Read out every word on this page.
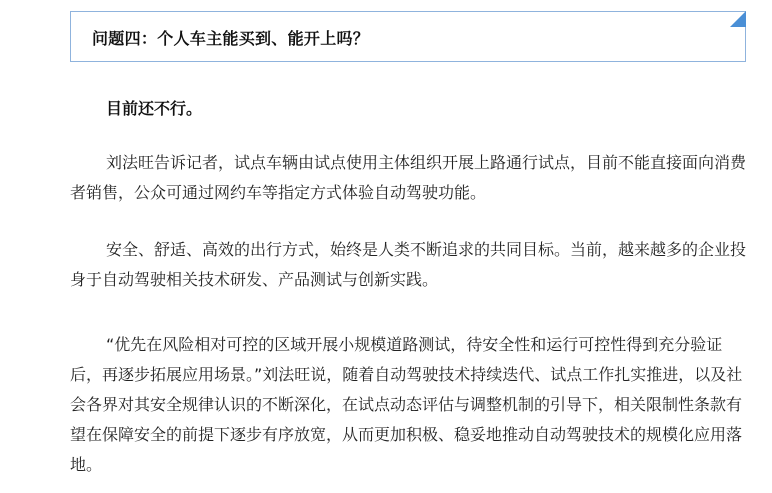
问题四：个人车主能买到、能开上吗？
目前还不行。

刘法旺告诉记者，试点车辆由试点使用主体组织开展上路通行试点，目前不能直接面向消费者销售，公众可通过网约车等指定方式体验自动驾驶功能。

安全、舒适、高效的出行方式，始终是人类不断追求的共同目标。当前，越来越多的企业投身于自动驾驶相关技术研发、产品测试与创新实践。

“优先在风险相对可控的区域开展小规模道路测试，待安全性和运行可控性得到充分验证后，再逐步拓展应用场景。”刘法旺说，随着自动驾驶技术持续迭代、试点工作扎实推进，以及社会各界对其安全规律认识的不断深化，在试点动态评估与调整机制的引导下，相关限制性条款有望在保障安全的前提下逐步有序放宽，从而更加积极、稳妥地推动自动驾驶技术的规模化应用落地。
